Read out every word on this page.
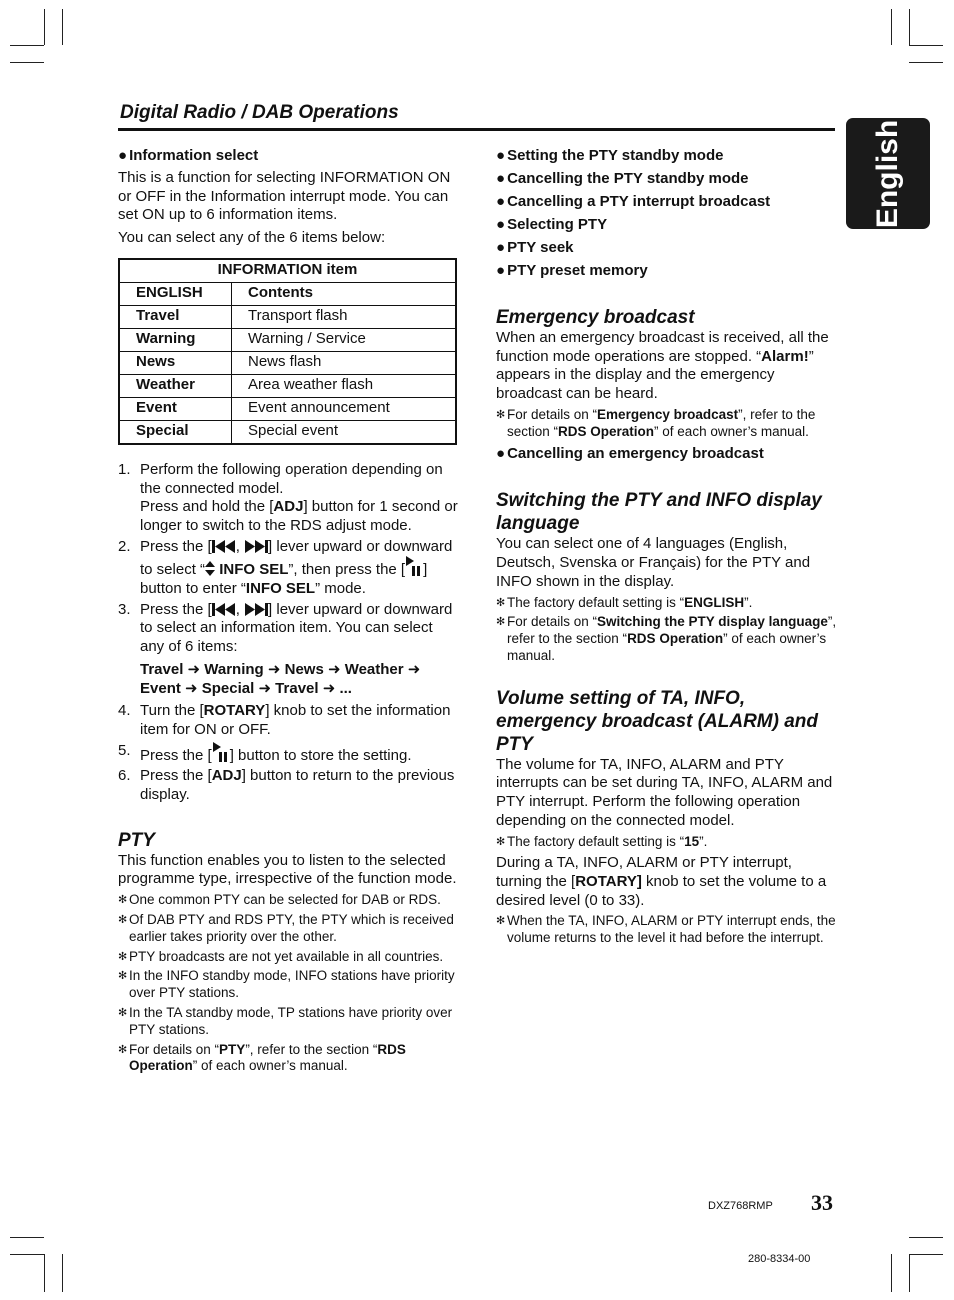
Digital Radio / DAB Operations
English
● Information select

This is a function for selecting INFORMATION ON or OFF in the Information interrupt mode. You can set ON up to 6 information items.

You can select any of the 6 items below:

INFORMATION item	
ENGLISH	Contents
Travel	Transport flash
Warning	Warning / Service
News	News flash
Weather	Area weather flash
Event	Event announcement
Special	Special event
1. Perform the following operation depending on the connected model.
Press and hold the [ADJ] button for 1 second or longer to switch to the RDS adjust mode.
2. Press the [ , ] lever upward or downward to select “ INFO SEL”, then press the [ ] button to enter “INFO SEL” mode.
3. Press the [ , ] lever upward or downward to select an information item. You can select any of 6 items:
Travel ➜ Warning ➜ News ➜ Weather ➜
Event ➜ Special ➜ Travel ➜ ...
4. Turn the [ROTARY] knob to set the information item for ON or OFF.
5. Press the [ ] button to store the setting.
6. Press the [ADJ] button to return to the previous display.
PTY

This function enables you to listen to the selected programme type, irrespective of the function mode.

✻ One common PTY can be selected for DAB or RDS.
✻ Of DAB PTY and RDS PTY, the PTY which is received earlier takes priority over the other.
✻ PTY broadcasts are not yet available in all countries.
✻ In the INFO standby mode, INFO stations have priority over PTY stations.
✻ In the TA standby mode, TP stations have priority over PTY stations.
✻ For details on “PTY”, refer to the section “RDS Operation” of each owner’s manual.
● Setting the PTY standby mode
● Cancelling the PTY standby mode
● Cancelling a PTY interrupt broadcast
● Selecting PTY
● PTY seek
● PTY preset memory
Emergency broadcast

When an emergency broadcast is received, all the function mode operations are stopped. “Alarm!” appears in the display and the emergency broadcast can be heard.

✻ For details on “Emergency broadcast”, refer to the section “RDS Operation” of each owner’s manual.
● Cancelling an emergency broadcast
Switching the PTY and INFO display language

You can select one of 4 languages (English, Deutsch, Svenska or Français) for the PTY and INFO shown in the display.

✻ The factory default setting is “ENGLISH”.
✻ For details on “Switching the PTY display language”, refer to the section “RDS Operation” of each owner’s manual.
Volume setting of TA, INFO, emergency broadcast (ALARM) and PTY

The volume for TA, INFO, ALARM and PTY interrupts can be set during TA, INFO, ALARM and PTY interrupt. Perform the following operation depending on the connected model.

✻ The factory default setting is “15”.

During a TA, INFO, ALARM or PTY interrupt, turning the [ROTARY] knob to set the volume to a desired level (0 to 33).

✻ When the TA, INFO, ALARM or PTY interrupt ends, the volume returns to the level it had before the interrupt.
DXZ768RMP 33
280-8334-00
